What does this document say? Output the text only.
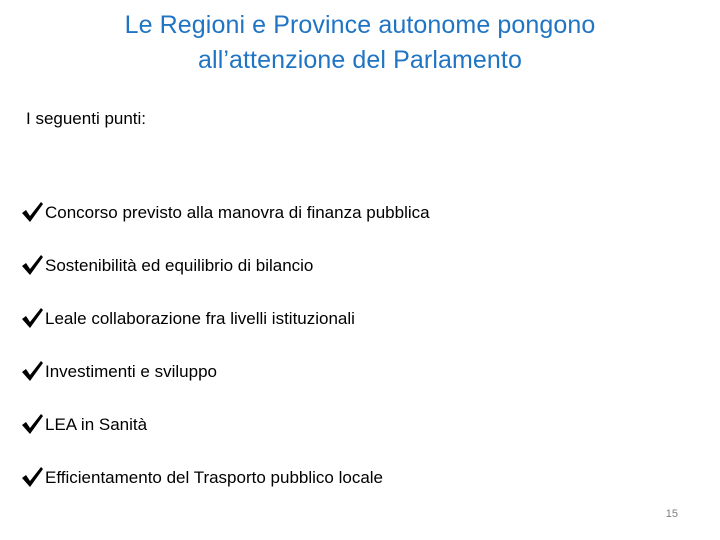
Le Regioni e Province autonome pongono
all’attenzione del Parlamento
I seguenti punti:
Concorso previsto alla manovra di finanza pubblica
Sostenibilità ed equilibrio di bilancio
Leale collaborazione fra livelli istituzionali
Investimenti e sviluppo
LEA in Sanità
Efficientamento del Trasporto pubblico locale
15
